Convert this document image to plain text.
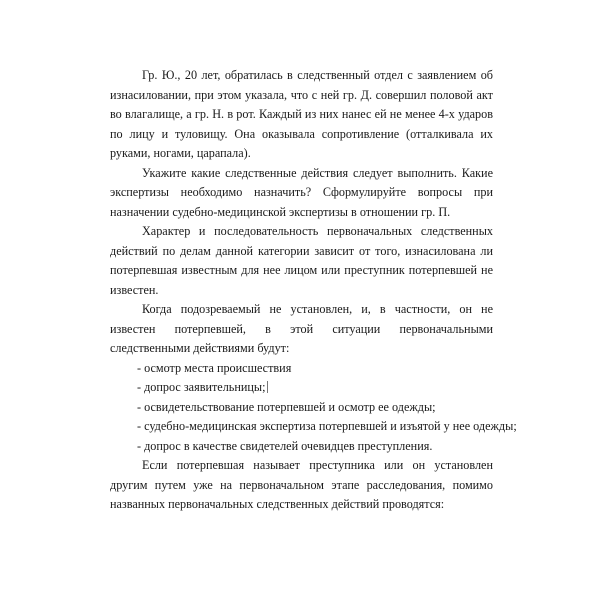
Гр. Ю., 20 лет, обратилась в следственный отдел с заявлением об изнасиловании, при этом указала, что с ней гр. Д. совершил половой акт во влагалище, а гр. Н. в рот. Каждый из них нанес ей не менее 4-х ударов по лицу и туловищу. Она оказывала сопротивление (отталкивала их руками, ногами, царапала).

Укажите какие следственные действия следует выполнить. Какие экспертизы необходимо назначить? Сформулируйте вопросы при назначении судебно-медицинской экспертизы в отношении гр. П.

Характер и последовательность первоначальных следственных действий по делам данной категории зависит от того, изнасилована ли потерпевшая известным для нее лицом или преступник потерпевшей не известен.

Когда подозреваемый не установлен, и, в частности, он не известен потерпевшей, в этой ситуации первоначальными следственными действиями будут:

- осмотр места происшествия
- допрос заявительницы;
- освидетельствование потерпевшей и осмотр ее одежды;
- судебно-медицинская экспертиза потерпевшей и изъятой у нее одежды;
- допрос в качестве свидетелей очевидцев преступления.

Если потерпевшая называет преступника или он установлен другим путем уже на первоначальном этапе расследования, помимо названных первоначальных следственных действий проводятся:
